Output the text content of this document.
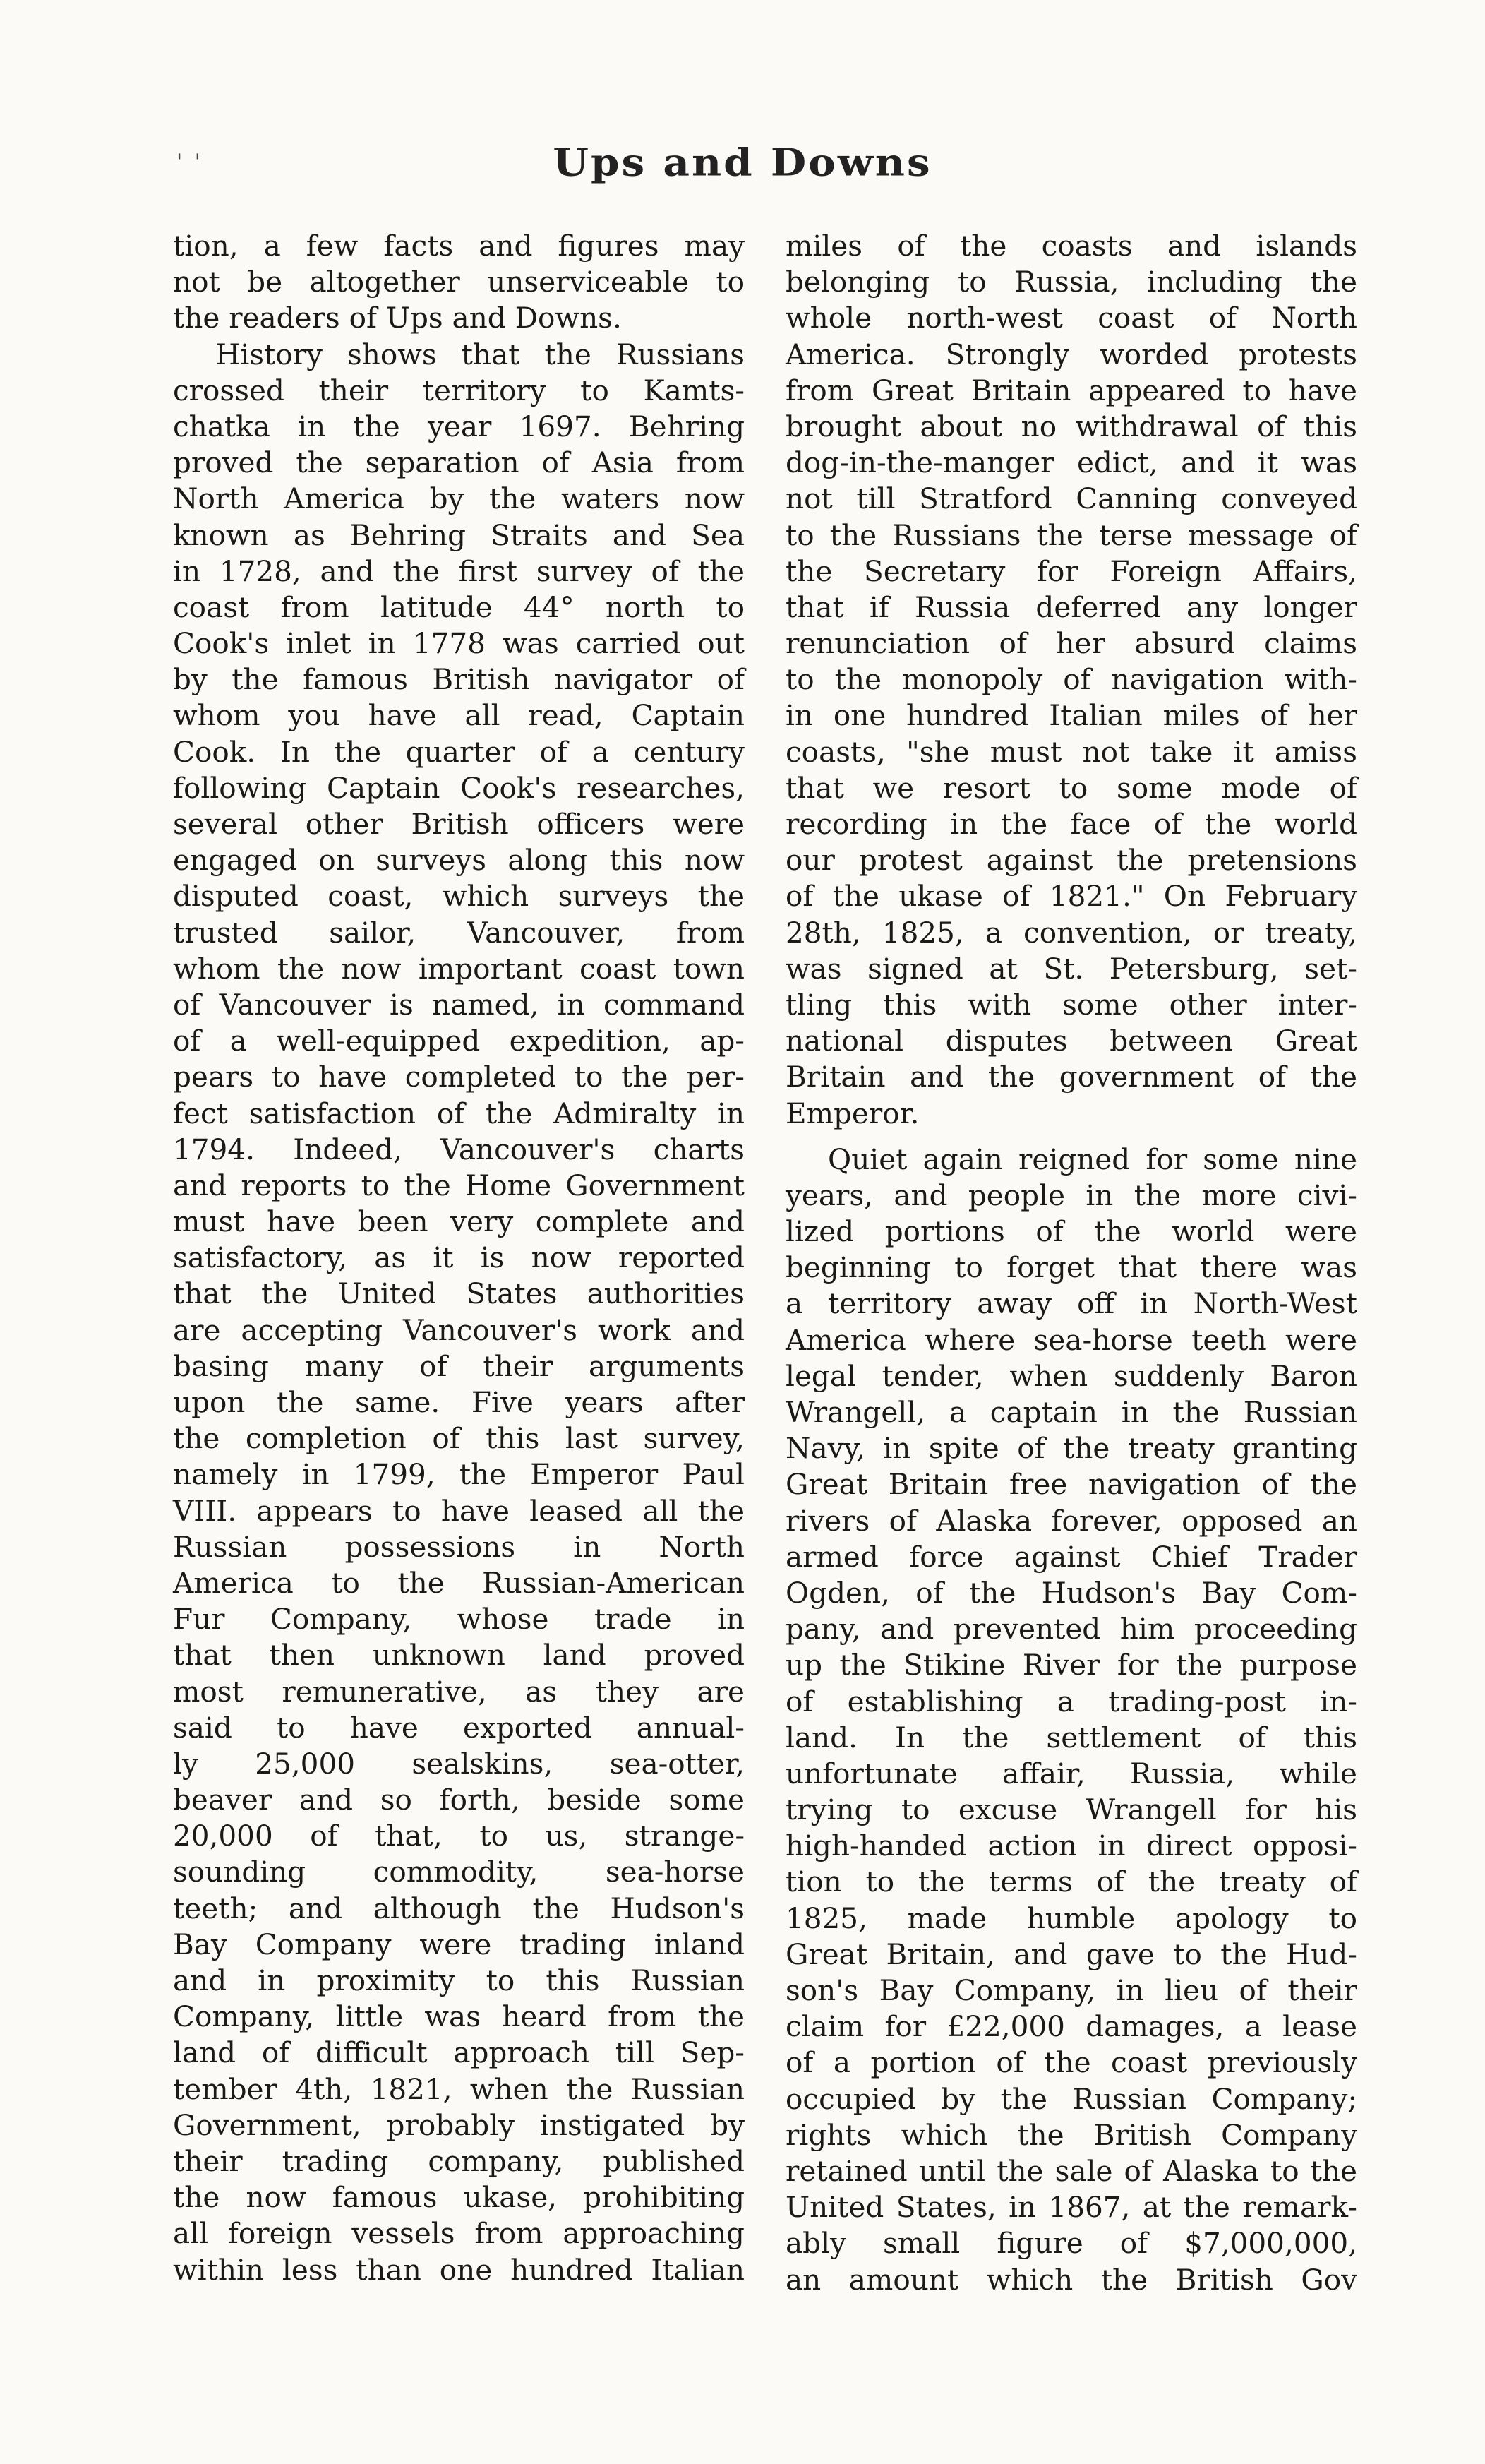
' '	Ups and Downs
tion, a few facts and figures may
not be altogether unserviceable to
the readers of Ups and Downs.
History shows that the Russians
crossed their territory to Kamts-
chatka in the year 1697. Behring
proved the separation of Asia from
North America by the waters now
known as Behring Straits and Sea
in 1728, and the first survey of the
coast from latitude 44° north to
Cook's inlet in 1778 was carried out
by the famous British navigator of
whom you have all read, Captain
Cook. In the quarter of a century
following Captain Cook's researches,
several other British officers were
engaged on surveys along this now
disputed coast, which surveys the
trusted sailor, Vancouver, from
whom the now important coast town
of Vancouver is named, in command
of a well-equipped expedition, ap-
pears to have completed to the per-
fect satisfaction of the Admiralty in
1794. Indeed, Vancouver's charts
and reports to the Home Government
must have been very complete and
satisfactory, as it is now reported
that the United States authorities
are accepting Vancouver's work and
basing many of their arguments
upon the same. Five years after
the completion of this last survey,
namely in 1799, the Emperor Paul
VIII. appears to have leased all the
Russian possessions in North
America to the Russian-American
Fur Company, whose trade in
that then unknown land proved
most remunerative, as they are
said to have exported annual-
ly 25,000 sealskins, sea-otter,
beaver and so forth, beside some
20,000 of that, to us, strange-
sounding commodity, sea-horse
teeth; and although the Hudson's
Bay Company were trading inland
and in proximity to this Russian
Company, little was heard from the
land of difficult approach till Sep-
tember 4th, 1821, when the Russian
Government, probably instigated by
their trading company, published
the now famous ukase, prohibiting
all foreign vessels from approaching
within less than one hundred Italian
miles of the coasts and islands
belonging to Russia, including the
whole north-west coast of North
America. Strongly worded protests
from Great Britain appeared to have
brought about no withdrawal of this
dog-in-the-manger edict, and it was
not till Stratford Canning conveyed
to the Russians the terse message of
the Secretary for Foreign Affairs,
that if Russia deferred any longer
renunciation of her absurd claims
to the monopoly of navigation with-
in one hundred Italian miles of her
coasts, "she must not take it amiss
that we resort to some mode of
recording in the face of the world
our protest against the pretensions
of the ukase of 1821." On February
28th, 1825, a convention, or treaty,
was signed at St. Petersburg, set-
tling this with some other inter-
national disputes between Great
Britain and the government of the
Emperor.
Quiet again reigned for some nine
years, and people in the more civi-
lized portions of the world were
beginning to forget that there was
a territory away off in North-West
America where sea-horse teeth were
legal tender, when suddenly Baron
Wrangell, a captain in the Russian
Navy, in spite of the treaty granting
Great Britain free navigation of the
rivers of Alaska forever, opposed an
armed force against Chief Trader
Ogden, of the Hudson's Bay Com-
pany, and prevented him proceeding
up the Stikine River for the purpose
of establishing a trading-post in-
land. In the settlement of this
unfortunate affair, Russia, while
trying to excuse Wrangell for his
high-handed action in direct opposi-
tion to the terms of the treaty of
1825, made humble apology to
Great Britain, and gave to the Hud-
son's Bay Company, in lieu of their
claim for £22,000 damages, a lease
of a portion of the coast previously
occupied by the Russian Company;
rights which the British Company
retained until the sale of Alaska to the
United States, in 1867, at the remark-
ably small figure of $7,000,000,
an amount which the British Gov
